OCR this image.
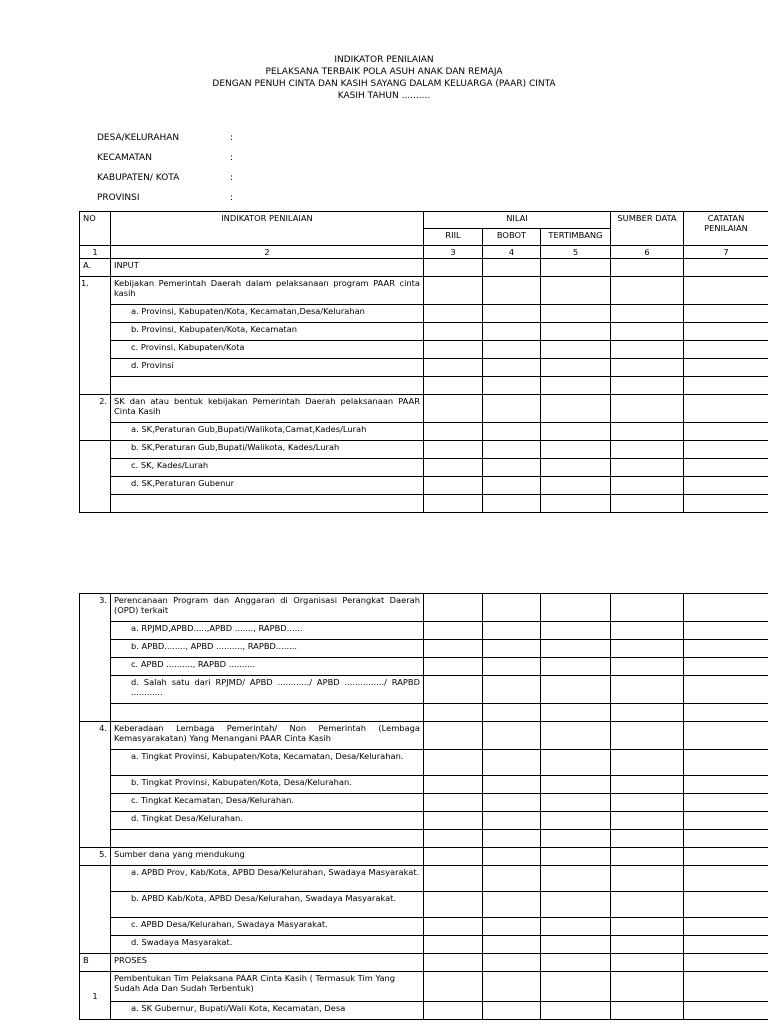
INDIKATOR PENILAIAN
PELAKSANA TERBAIK POLA ASUH ANAK DAN REMAJA
DENGAN PENUH CINTA DAN KASIH SAYANG DALAM KELUARGA (PAAR) CINTA
KASIH TAHUN ..........
DESA/KELURAHAN	:
KECAMATAN	:
KABUPATEN/ KOTA	:
PROVINSI	:
NO	INDIKATOR PENILAIAN	NILAI			SUMBER DATA	CATATAN PENILAIAN
		RIIL	BOBOT	TERTIMBANG		
1	2	3	4	5	6	7
A.	INPUT					
1.	Kebijakan Pemerintah Daerah dalam pelaksanaan program PAAR cinta kasih					
	a. Provinsi, Kabupaten/Kota, Kecamatan,Desa/Kelurahan					
	b. Provinsi, Kabupaten/Kota, Kecamatan					
	c. Provinsi, Kabupaten/Kota					
	d. Provinsi					

2.	SK dan atau bentuk kebijakan Pemerintah Daerah pelaksanaan PAAR Cinta Kasih					
	a. SK,Peraturan Gub,Bupati/Walikota,Camat,Kades/Lurah					
	b. SK,Peraturan Gub,Bupati/Walikota, Kades/Lurah					
	c. SK, Kades/Lurah					
	d. SK,Peraturan Gubenur					

3.	Perencanaan Program dan Anggaran di Organisasi Perangkat Daerah (OPD) terkait					
	a. RPJMD,APBD.....,APBD ......., RAPBD......					
	b. APBD........, APBD .........., RAPBD........					
	c. APBD .........., RAPBD ..........					
	d. Salah satu dari RPJMD/ APBD ............/ APBD .............../ RAPBD ............					

4.	Keberadaan Lembaga Pemerintah/ Non Pemerintah (Lembaga Kemasyarakatan) Yang Menangani PAAR Cinta Kasih					
	a. Tingkat Provinsi, Kabupaten/Kota, Kecamatan, Desa/Kelurahan.					
	b. Tingkat Provinsi, Kabupaten/Kota, Desa/Kelurahan.					
	c. Tingkat Kecamatan, Desa/Kelurahan.					
	d. Tingkat Desa/Kelurahan.					

5.	Sumber dana yang mendukung					
	a. APBD Prov, Kab/Kota, APBD Desa/Kelurahan, Swadaya Masyarakat.					
	b. APBD Kab/Kota, APBD Desa/Kelurahan, Swadaya Masyarakat.					
	c. APBD Desa/Kelurahan, Swadaya Masyarakat.					
	d. Swadaya Masyarakat.					
B	PROSES					
1	Pembentukan Tim Pelaksana PAAR Cinta Kasih ( Termasuk Tim Yang Sudah Ada Dan Sudah Terbentuk)					
	a. SK Gubernur, Bupati/Wali Kota, Kecamatan, Desa					
